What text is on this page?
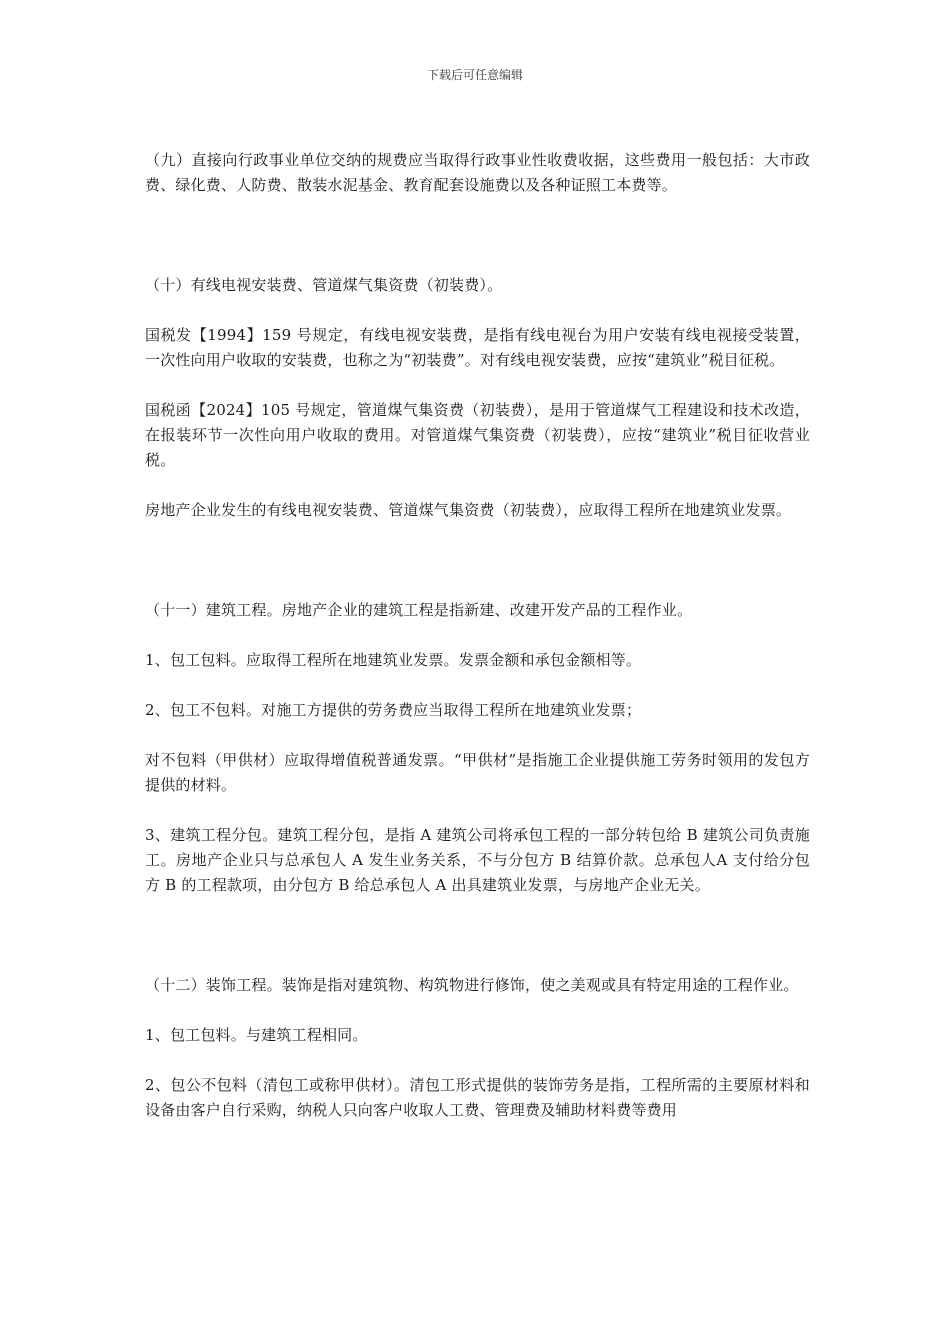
下载后可任意编辑

（九）直接向行政事业单位交纳的规费应当取得行政事业性收费收据，这些费用一般包括：大市政费、绿化费、人防费、散装水泥基金、教育配套设施费以及各种证照工本费等。

（十）有线电视安装费、管道煤气集资费（初装费）。

国税发【1994】159 号规定，有线电视安装费，是指有线电视台为用户安装有线电视接受装置，一次性向用户收取的安装费，也称之为“初装费”。对有线电视安装费，应按“建筑业”税目征税。

国税函【2024】105 号规定，管道煤气集资费（初装费），是用于管道煤气工程建设和技术改造，在报装环节一次性向用户收取的费用。对管道煤气集资费（初装费），应按“建筑业”税目征收营业税。

房地产企业发生的有线电视安装费、管道煤气集资费（初装费），应取得工程所在地建筑业发票。

（十一）建筑工程。房地产企业的建筑工程是指新建、改建开发产品的工程作业。

1、包工包料。应取得工程所在地建筑业发票。发票金额和承包金额相等。

2、包工不包料。对施工方提供的劳务费应当取得工程所在地建筑业发票；

对不包料（甲供材）应取得增值税普通发票。“甲供材”是指施工企业提供施工劳务时领用的发包方提供的材料。

3、建筑工程分包。建筑工程分包，是指 A 建筑公司将承包工程的一部分转包给 B 建筑公司负责施工。房地产企业只与总承包人 A 发生业务关系，不与分包方 B 结算价款。总承包人A 支付给分包方 B 的工程款项，由分包方 B 给总承包人 A 出具建筑业发票，与房地产企业无关。

（十二）装饰工程。装饰是指对建筑物、构筑物进行修饰，使之美观或具有特定用途的工程作业。

1、包工包料。与建筑工程相同。

2、包公不包料（清包工或称甲供材）。清包工形式提供的装饰劳务是指，工程所需的主要原材料和设备由客户自行采购，纳税人只向客户收取人工费、管理费及辅助材料费等费用
